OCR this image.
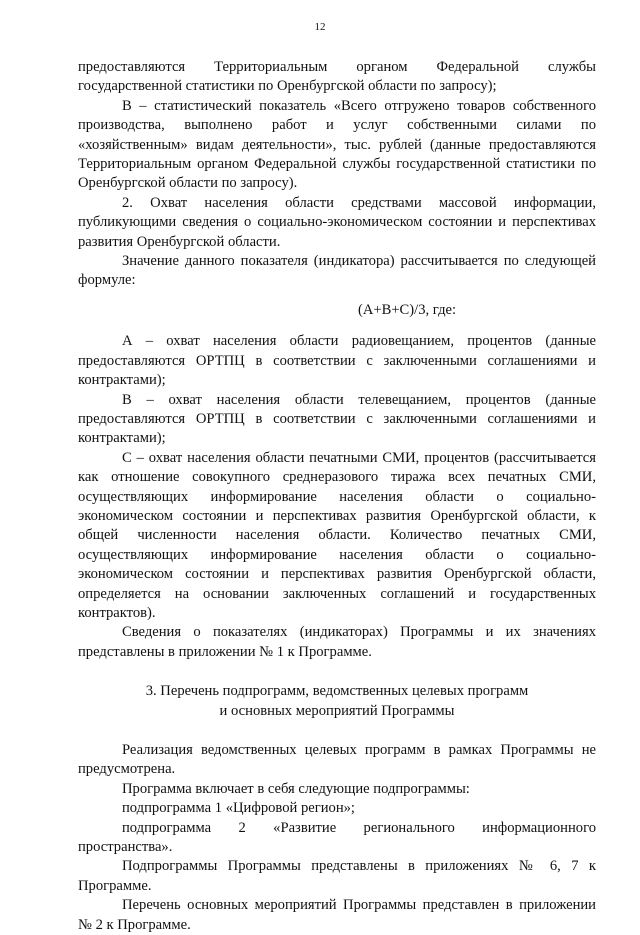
12

предоставляются Территориальным органом Федеральной службы государственной статистики по Оренбургской области по запросу);

В – статистический показатель «Всего отгружено товаров собственного производства, выполнено работ и услуг собственными силами по «хозяйственным» видам деятельности», тыс. рублей (данные предоставляются Территориальным органом Федеральной службы государственной статистики по Оренбургской области по запросу).

2. Охват населения области средствами массовой информации, публикующими сведения о социально-экономическом состоянии и перспективах развития Оренбургской области.

Значение данного показателя (индикатора) рассчитывается по следующей формуле:

(А+В+С)/3, где:

А – охват населения области радиовещанием, процентов (данные предоставляются ОРТПЦ в соответствии с заключенными соглашениями и контрактами);

В – охват населения области телевещанием, процентов (данные предоставляются ОРТПЦ в соответствии с заключенными соглашениями и контрактами);

С – охват населения области печатными СМИ, процентов (рассчитывается как отношение совокупного среднеразового тиража всех печатных СМИ, осуществляющих информирование населения области о социально-экономическом состоянии и перспективах развития Оренбургской области, к общей численности населения области. Количество печатных СМИ, осуществляющих информирование населения области о социально-экономическом состоянии и перспективах развития Оренбургской области, определяется на основании заключенных соглашений и государственных контрактов).

Сведения о показателях (индикаторах) Программы и их значениях представлены в приложении № 1 к Программе.

3. Перечень подпрограмм, ведомственных целевых программ
и основных мероприятий Программы

Реализация ведомственных целевых программ в рамках Программы не предусмотрена.

Программа включает в себя следующие подпрограммы:

подпрограмма 1 «Цифровой регион»;

подпрограмма 2 «Развитие регионального информационного пространства».

Подпрограммы Программы представлены в приложениях № 6, 7 к Программе.

Перечень основных мероприятий Программы представлен в приложении № 2 к Программе.
